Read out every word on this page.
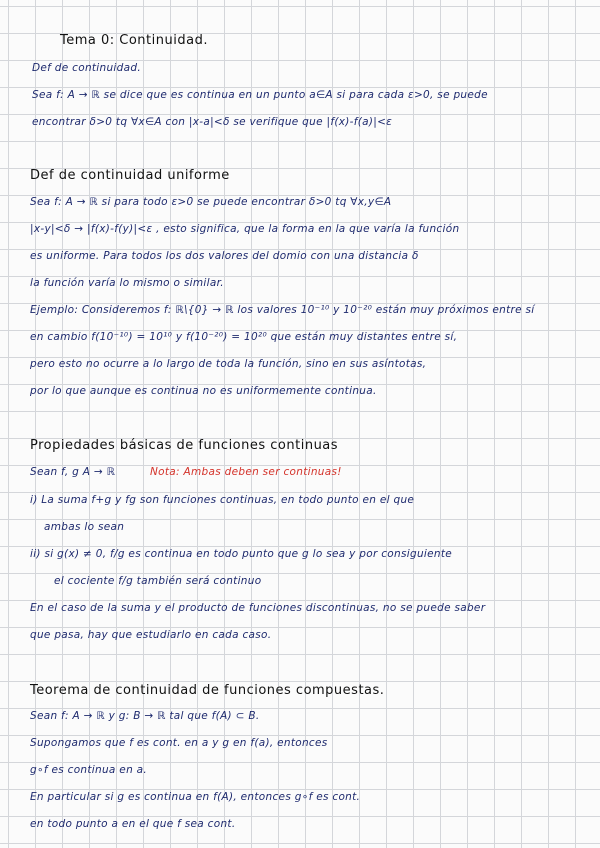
Tema 0: Continuidad.

Def de continuidad.

Sea f: A → ℝ se dice que es continua en un punto a∈A si para cada ε>0, se puede

encontrar δ>0 tq ∀x∈A con |x-a|<δ se verifique que |f(x)-f(a)|<ε

Def de continuidad uniforme

Sea f: A → ℝ si para todo ε>0 se puede encontrar δ>0 tq ∀x,y∈A

|x-y|<δ → |f(x)-f(y)|<ε , esto significa, que la forma en la que varía la función

es uniforme. Para todos los dos valores del domio con una distancia δ

la función varía lo mismo o similar.

Ejemplo: Consideremos f: ℝ\{0} → ℝ los valores 10⁻¹⁰ y 10⁻²⁰ están muy próximos entre sí

en cambio f(10⁻¹⁰) = 10¹⁰ y f(10⁻²⁰) = 10²⁰ que están muy distantes entre sí,

pero esto no ocurre a lo largo de toda la función, sino en sus asíntotas,

por lo que aunque es continua no es uniformemente continua.

Propiedades básicas de funciones continuas

Sean f, g A → ℝ	Nota: Ambas deben ser continuas!

i) La suma f+g y fg son funciones continuas, en todo punto en el que

ambas lo sean

ii) si g(x) ≠ 0, f/g es continua en todo punto que g lo sea y por consiguiente

el cociente f/g también será continuo

En el caso de la suma y el producto de funciones discontinuas, no se puede saber

que pasa, hay que estudiarlo en cada caso.

Teorema de continuidad de funciones compuestas.

Sean f: A → ℝ y g: B → ℝ tal que f(A) ⊂ B.

Supongamos que f es cont. en a y g en f(a), entonces

g∘f es continua en a.

En particular si g es continua en f(A), entonces g∘f es cont.

en todo punto a en el que f sea cont.
